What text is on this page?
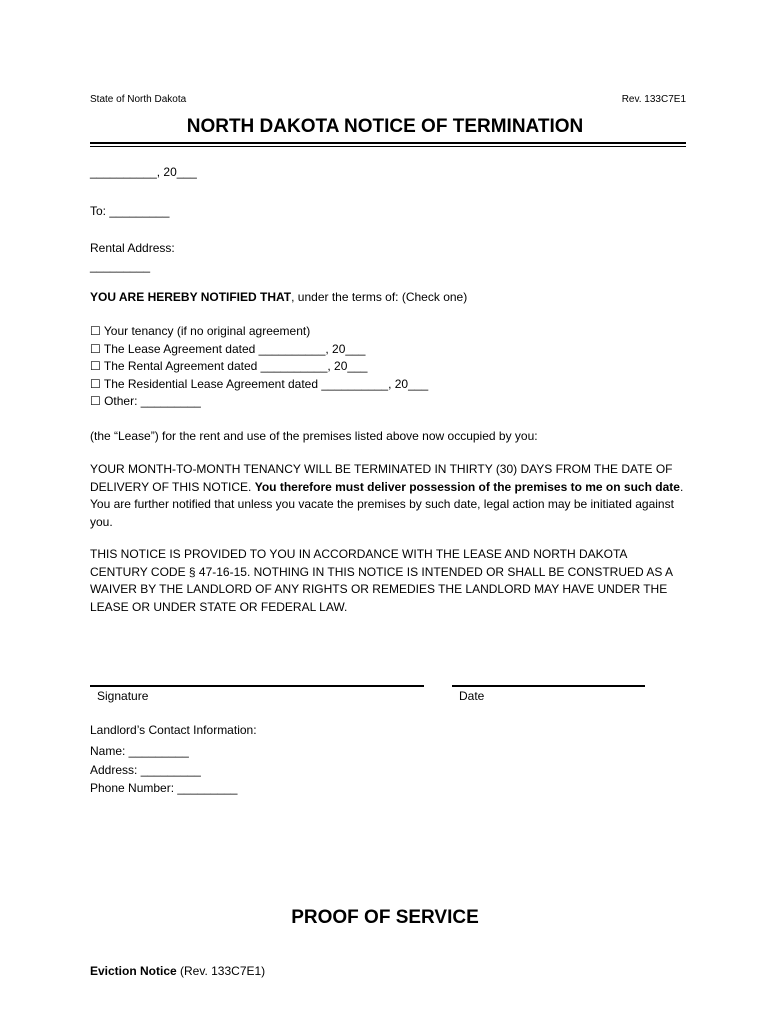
State of North Dakota	Rev. 133C7E1
NORTH DAKOTA NOTICE OF TERMINATION
__________, 20___
To: _________
Rental Address:
_________
YOU ARE HEREBY NOTIFIED THAT, under the terms of: (Check one)
☐ Your tenancy (if no original agreement)
☐ The Lease Agreement dated __________, 20___
☐ The Rental Agreement dated __________, 20___
☐ The Residential Lease Agreement dated __________, 20___
☐ Other: _________
(the “Lease”) for the rent and use of the premises listed above now occupied by you:
YOUR MONTH-TO-MONTH TENANCY WILL BE TERMINATED IN THIRTY (30) DAYS FROM THE DATE OF DELIVERY OF THIS NOTICE. You therefore must deliver possession of the premises to me on such date. You are further notified that unless you vacate the premises by such date, legal action may be initiated against you.
THIS NOTICE IS PROVIDED TO YOU IN ACCORDANCE WITH THE LEASE AND NORTH DAKOTA CENTURY CODE § 47-16-15. NOTHING IN THIS NOTICE IS INTENDED OR SHALL BE CONSTRUED AS A WAIVER BY THE LANDLORD OF ANY RIGHTS OR REMEDIES THE LANDLORD MAY HAVE UNDER THE LEASE OR UNDER STATE OR FEDERAL LAW.
Signature	Date
Landlord’s Contact Information:
Name: _________
Address: _________
Phone Number: _________
PROOF OF SERVICE
Eviction Notice (Rev. 133C7E1)
